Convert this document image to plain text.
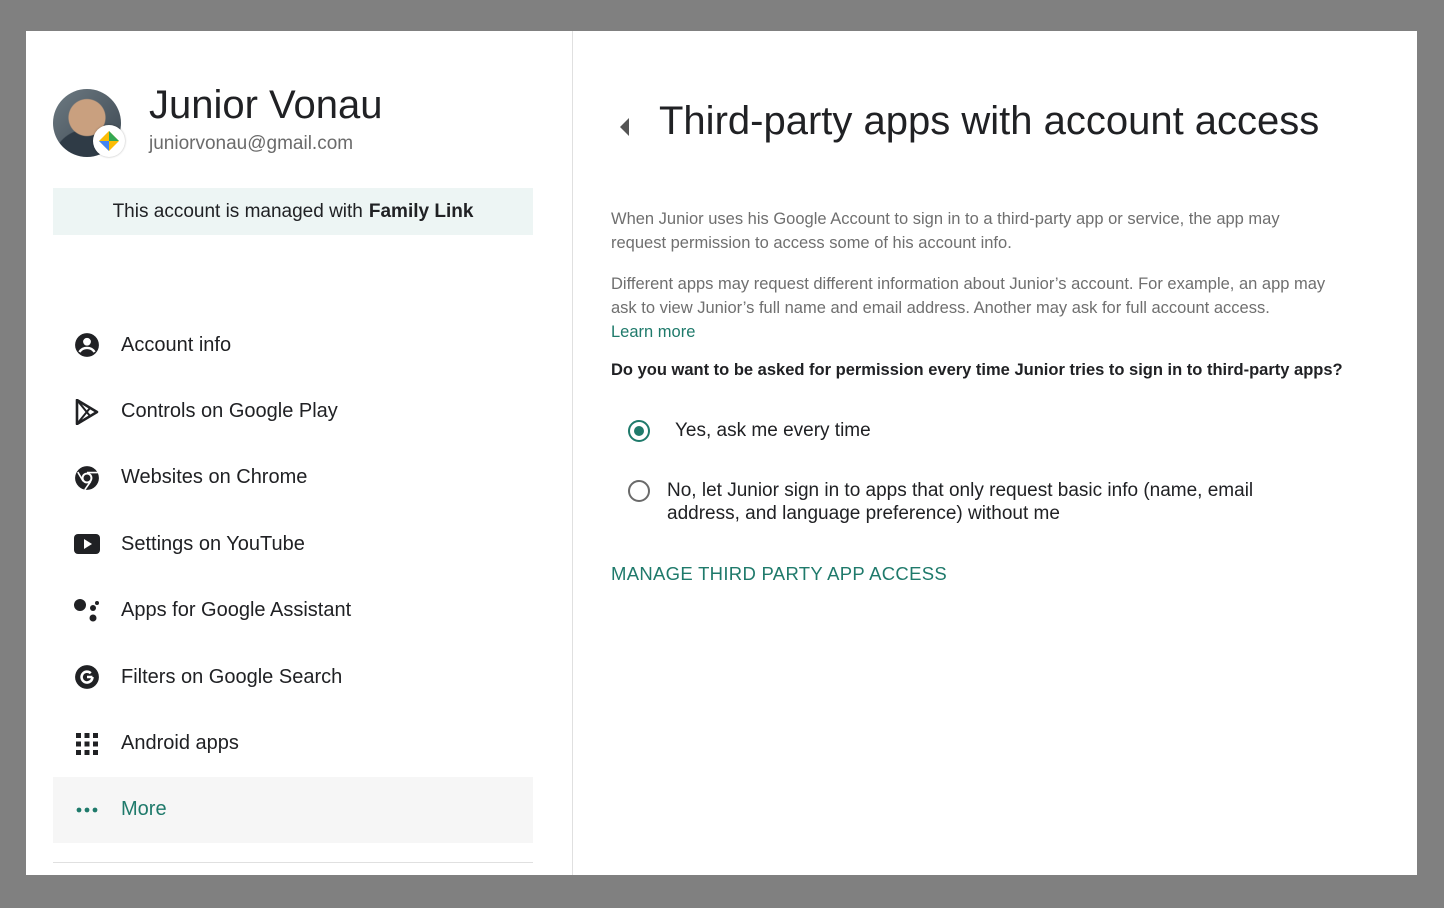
Junior Vonau
juniorvonau@gmail.com
This account is managed with Family Link
Account info
Controls on Google Play
Websites on Chrome
Settings on YouTube
Apps for Google Assistant
Filters on Google Search
Android apps
More
Third-party apps with account access

When Junior uses his Google Account to sign in to a third-party app or service, the app may request permission to access some of his account info.

Different apps may request different information about Junior’s account. For example, an app may ask to view Junior’s full name and email address. Another may ask for full account access.
Learn more

Do you want to be asked for permission every time Junior tries to sign in to third-party apps?
Yes, ask me every time
No, let Junior sign in to apps that only request basic info (name, email address, and language preference) without me
MANAGE THIRD PARTY APP ACCESS
